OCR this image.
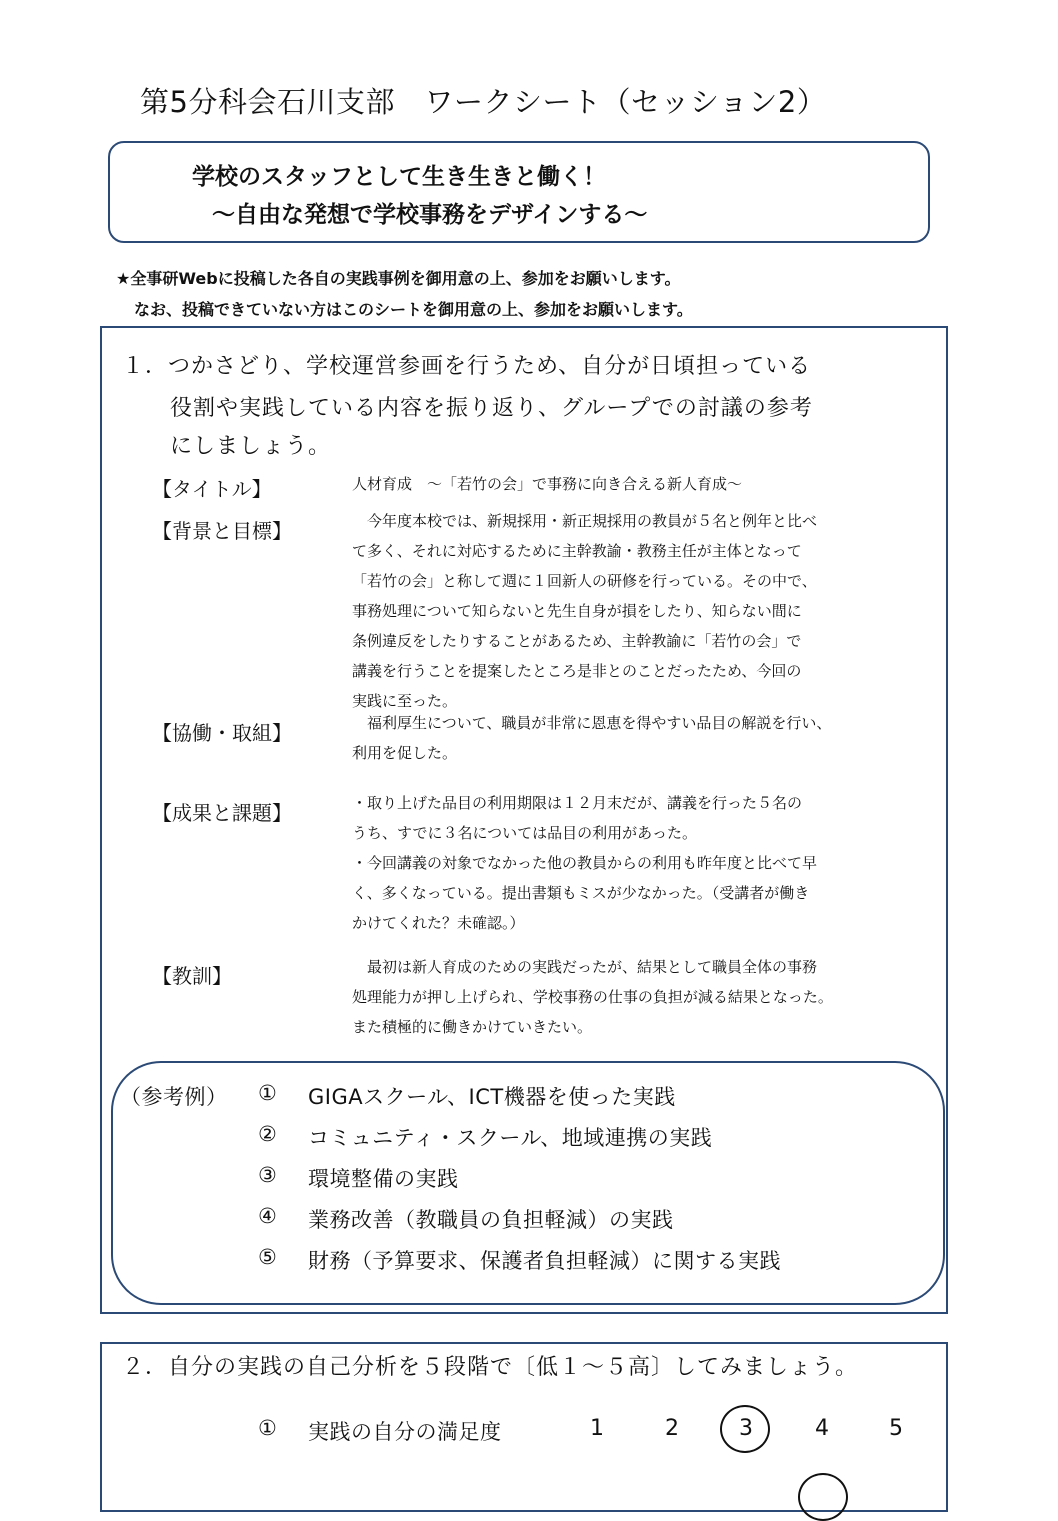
第5分科会石川支部　ワークシート（セッション2）
学校のスタッフとして生き生きと働く！
～自由な発想で学校事務をデザインする～
★全事研Webに投稿した各自の実践事例を御用意の上、参加をお願いします。
なお、投稿できていない方はこのシートを御用意の上、参加をお願いします。
１．つかさどり、学校運営参画を行うため、自分が日頃担っている
役割や実践している内容を振り返り、グループでの討議の参考
にしましょう。
【タイトル】	人材育成　～「若竹の会」で事務に向き合える新人育成～
【背景と目標】	　今年度本校では、新規採用・新正規採用の教員が５名と例年と比べ
て多く、それに対応するために主幹教諭・教務主任が主体となって
「若竹の会」と称して週に１回新人の研修を行っている。その中で、
事務処理について知らないと先生自身が損をしたり、知らない間に
条例違反をしたりすることがあるため、主幹教諭に「若竹の会」で
講義を行うことを提案したところ是非とのことだったため、今回の
実践に至った。
【協働・取組】	　福利厚生について、職員が非常に恩恵を得やすい品目の解説を行い、
利用を促した。
【成果と課題】	・取り上げた品目の利用期限は１２月末だが、講義を行った５名の
うち、すでに３名については品目の利用があった。
・今回講義の対象でなかった他の教員からの利用も昨年度と比べて早
く、多くなっている。提出書類もミスが少なかった。（受講者が働き
かけてくれた？未確認。）
【教訓】	　最初は新人育成のための実践だったが、結果として職員全体の事務
処理能力が押し上げられ、学校事務の仕事の負担が減る結果となった。
また積極的に働きかけていきたい。
（参考例） ① GIGAスクール、ICT機器を使った実践
② コミュニティ・スクール、地域連携の実践
③ 環境整備の実践
④ 業務改善（教職員の負担軽減）の実践
⑤ 財務（予算要求、保護者負担軽減）に関する実践
２．自分の実践の自己分析を５段階で〔低１～５高〕してみましょう。
① 実践の自分の満足度	1	2	3	4	5
